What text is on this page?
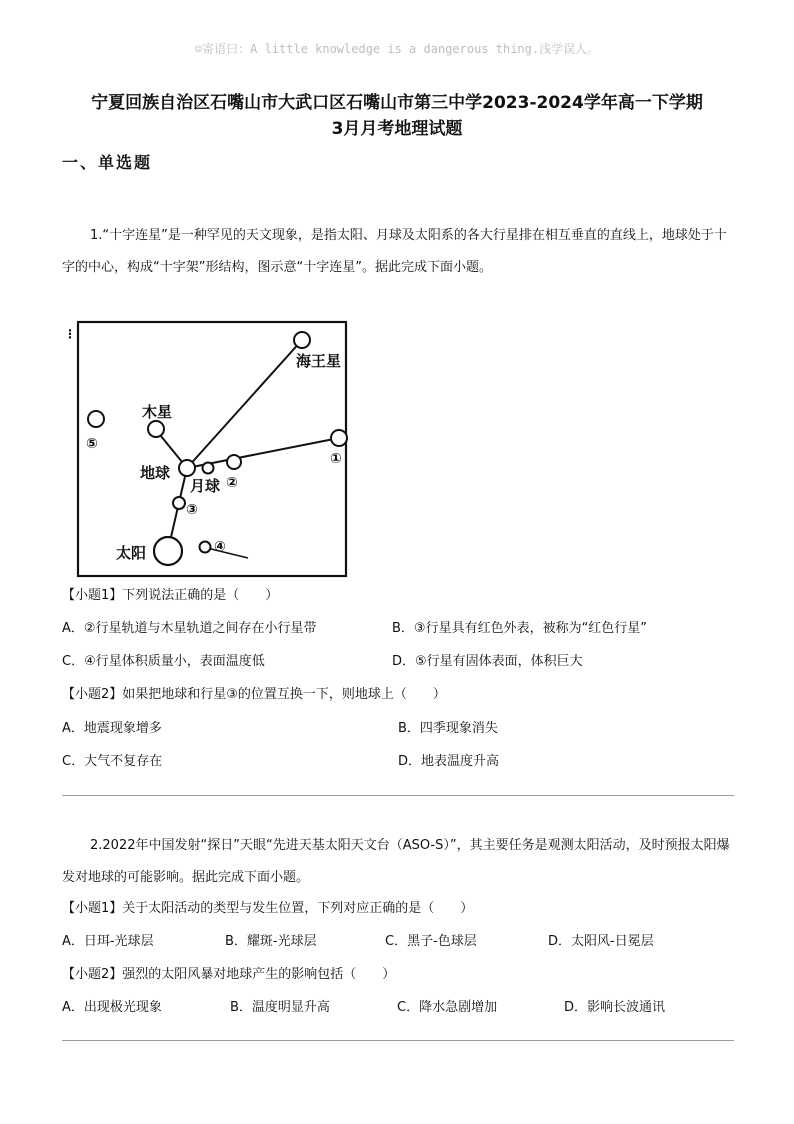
☺寄语曰：A little knowledge is a dangerous thing.浅学误人。
宁夏回族自治区石嘴山市大武口区石嘴山市第三中学2023-2024学年高一下学期
3月月考地理试题
一、单选题
1.“十字连星”是一种罕见的天文现象，是指太阳、月球及太阳系的各大行星排在相互垂直的直线上，地球处于十字的中心，构成“十字架”形结构，图示意“十字连星”。据此完成下面小题。
⋮
海王星
木星
⑤
①
地球
月球 ②
③
太阳	④
【小题1】下列说法正确的是（　　）
A．②行星轨道与木星轨道之间存在小行星带	B．③行星具有红色外表，被称为“红色行星”
C．④行星体积质量小，表面温度低	D．⑤行星有固体表面，体积巨大
【小题2】如果把地球和行星③的位置互换一下，则地球上（　　）
A．地震现象增多	B．四季现象消失
C．大气不复存在	D．地表温度升高
2.2022年中国发射“探日”天眼“先进天基太阳天文台（ASO-S）”，其主要任务是观测太阳活动，及时预报太阳爆发对地球的可能影响。据此完成下面小题。
【小题1】关于太阳活动的类型与发生位置，下列对应正确的是（　　）
A．日珥-光球层	B．耀斑-光球层	C．黑子-色球层	D．太阳风-日冕层
【小题2】强烈的太阳风暴对地球产生的影响包括（　　）
A．出现极光现象	B．温度明显升高	C．降水急剧增加	D．影响长波通讯
